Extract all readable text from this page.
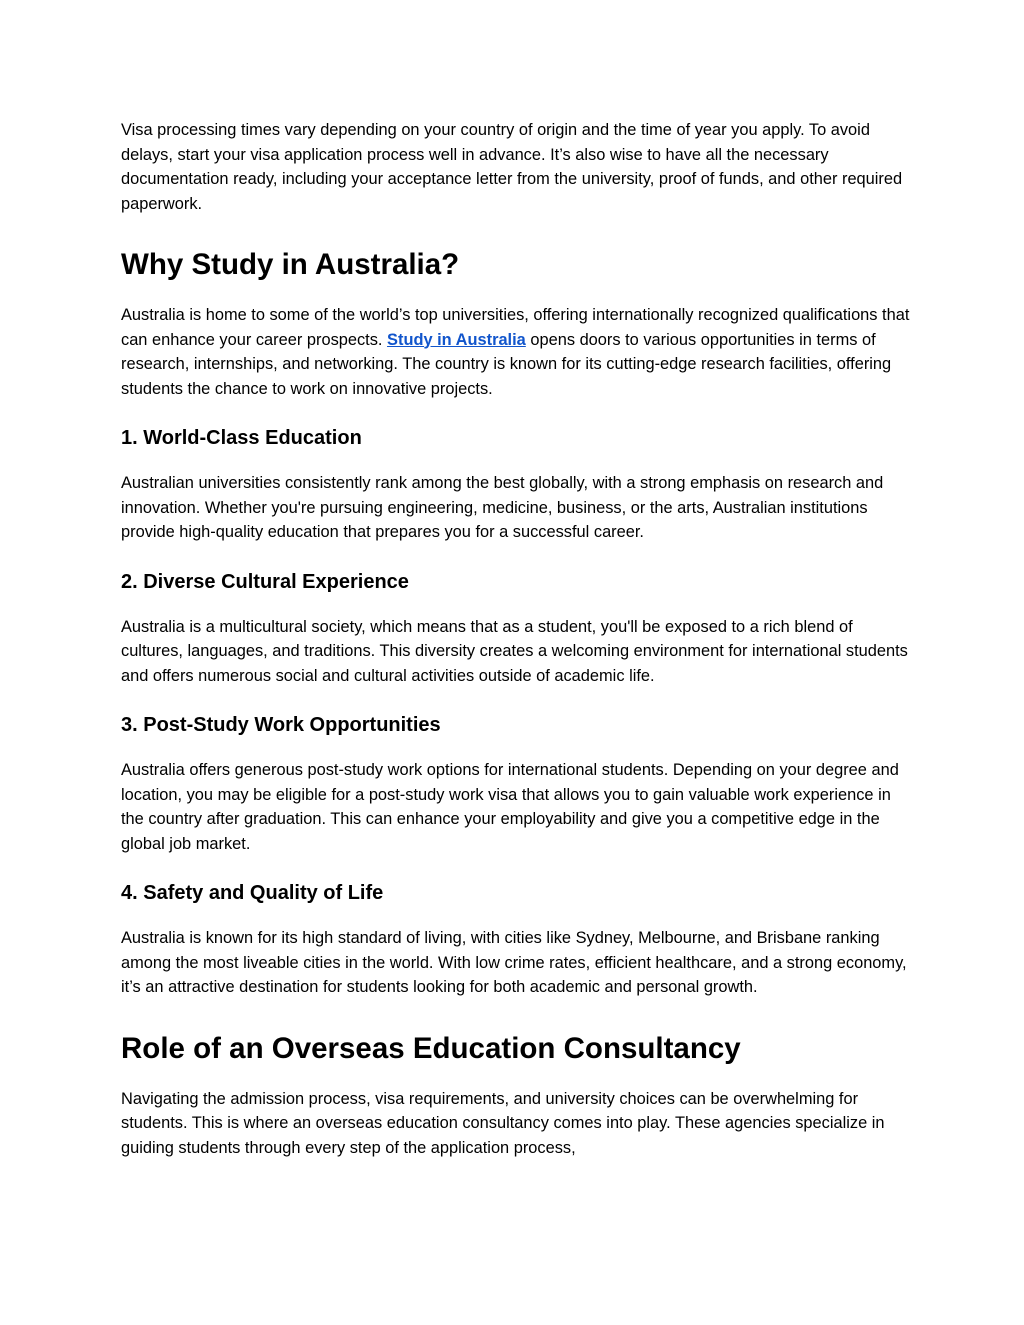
Visa processing times vary depending on your country of origin and the time of year you apply. To avoid delays, start your visa application process well in advance. It’s also wise to have all the necessary documentation ready, including your acceptance letter from the university, proof of funds, and other required paperwork.

Why Study in Australia?

Australia is home to some of the world’s top universities, offering internationally recognized qualifications that can enhance your career prospects. Study in Australia opens doors to various opportunities in terms of research, internships, and networking. The country is known for its cutting-edge research facilities, offering students the chance to work on innovative projects.

1. World-Class Education

Australian universities consistently rank among the best globally, with a strong emphasis on research and innovation. Whether you're pursuing engineering, medicine, business, or the arts, Australian institutions provide high-quality education that prepares you for a successful career.

2. Diverse Cultural Experience

Australia is a multicultural society, which means that as a student, you'll be exposed to a rich blend of cultures, languages, and traditions. This diversity creates a welcoming environment for international students and offers numerous social and cultural activities outside of academic life.

3. Post-Study Work Opportunities

Australia offers generous post-study work options for international students. Depending on your degree and location, you may be eligible for a post-study work visa that allows you to gain valuable work experience in the country after graduation. This can enhance your employability and give you a competitive edge in the global job market.

4. Safety and Quality of Life

Australia is known for its high standard of living, with cities like Sydney, Melbourne, and Brisbane ranking among the most liveable cities in the world. With low crime rates, efficient healthcare, and a strong economy, it’s an attractive destination for students looking for both academic and personal growth.

Role of an Overseas Education Consultancy

Navigating the admission process, visa requirements, and university choices can be overwhelming for students. This is where an overseas education consultancy comes into play. These agencies specialize in guiding students through every step of the application process,
